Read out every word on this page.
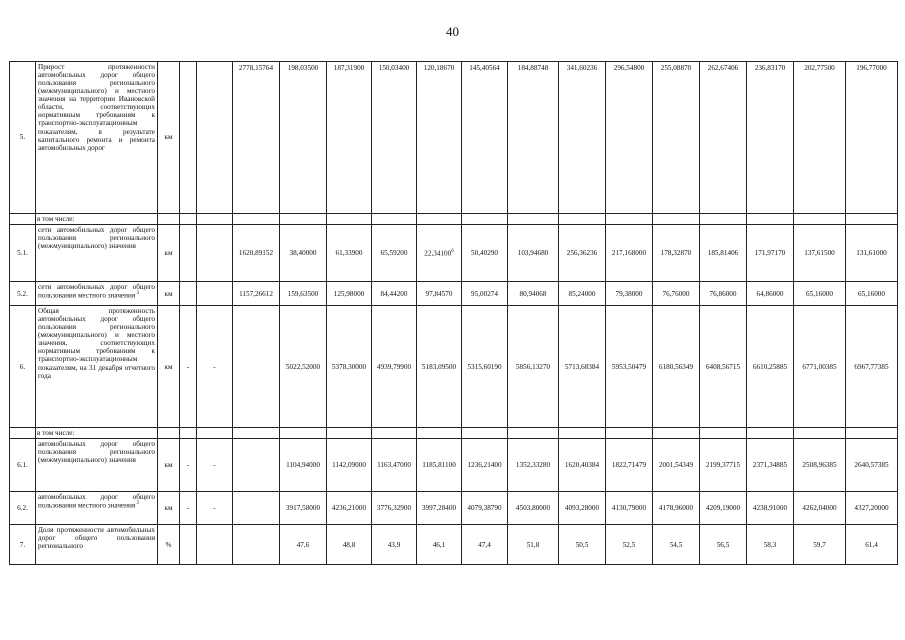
40
5.	Прирост протяженности автомобильных дорог общего пользования регионального (межмуниципального) и местного значения на территории Ивановской области, соответствующих нормативным требованиям к транспортно-эксплуатационным показателям, в результате капитального ремонта и ремонта автомобильных дорог	км			2778,15764	198,03500	187,31900	150,03400	120,18670	145,40564	184,88748	341,60236	296,54800	255,08870	262,67406	236,83170	202,77500	196,77000
	в том числе:																	
5.1.	сети автомобильных дорог общего пользования регионального (межмуниципального) значения	км			1620,89152	38,40000	61,33900	65,59200	22,34100$^6$	50,40290	103,94680	256,36236	217,168000	178,32870	185,81406	171,97170	137,61500	131,61000
5.2.	сети автомобильных дорог общего пользования местного значения $^3$	км			1157,26612	159,63500	125,98000	84,44200	97,84570	95,00274	80,94068	85,24000	79,38000	76,76000	76,86000	64,86000	65,16000	65,16000
6.	Общая протяженность автомобильных дорог общего пользования регионального (межмуниципального) и местного значения, соответствующих нормативным требованиям к транспортно-эксплуатационным показателям, на 31 декабря отчетного года	км	-	-		5022,52000	5378,30000	4939,79900	5183,09500	5315,60190	5856,13270	5713,68384	5953,50479	6180,56349	6408,56715	6610,25885	6771,00385	6967,77385
	в том числе:																	
6.1.	автомобильных дорог общего пользования регионального (межмуниципального) значения	км	-	-		1104,94000	1142,09000	1163,47000	1185,81100	1236,21400	1352,33280	1620,40384	1822,71479	2001,54349	2199,37715	2371,34885	2508,96385	2640,57385
6.2.	автомобильных дорог общего пользования местного значения $^3$	км	-	-		3917,58000	4236,21000	3776,32900	3997,28400	4079,38790	4503,80000	4093,28000	4130,79000	4178,96000	4209,19000	4238,91000	4262,04000	4327,20000
7.	Доля протяженности автомобильных дорог общего пользования регионального	%				47,6	48,8	43,9	46,1	47,4	51,8	50,5	52,5	54,5	56,5	58,3	59,7	61,4
